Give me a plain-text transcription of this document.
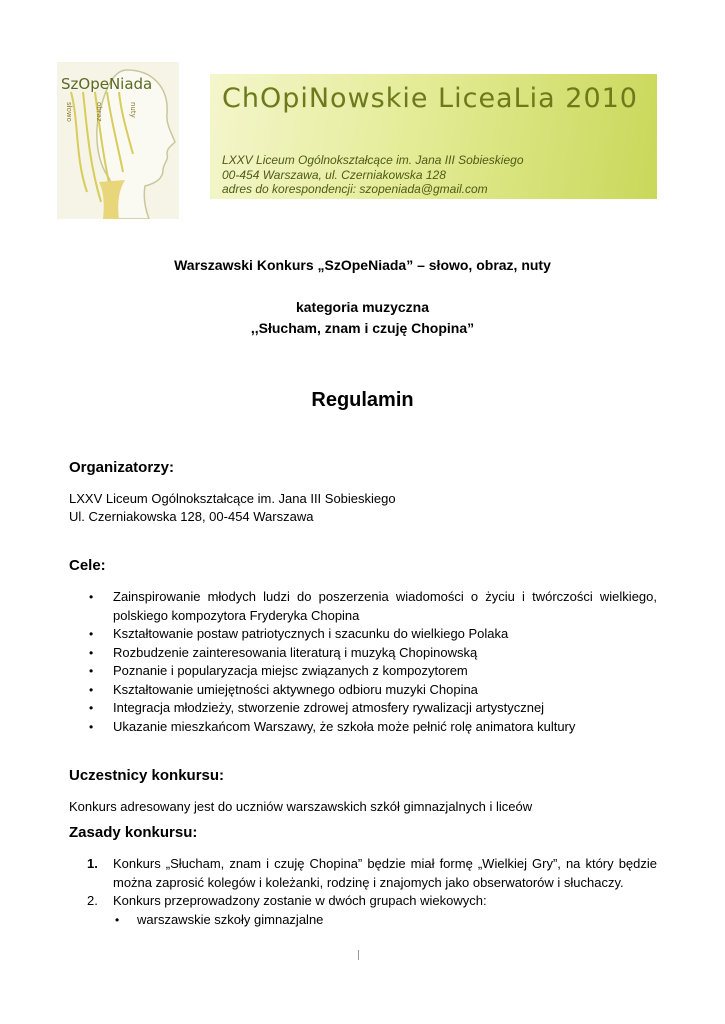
SzOpeNiada
słowo	obraz	nuty	ChOpiNowskie LiceaLia 2010
LXXV Liceum Ogólnokształcące im. Jana III Sobieskiego
00-454 Warszawa, ul. Czerniakowska 128
adres do korespondencji: szopeniada@gmail.com
Warszawski Konkurs „SzOpeNiada” – słowo, obraz, nuty
kategoria muzyczna
,,Słucham, znam i czuję Chopina”
Regulamin
Organizatorzy:
LXXV Liceum Ogólnokształcące im. Jana III Sobieskiego
Ul. Czerniakowska 128, 00-454 Warszawa
Cele:
• Zainspirowanie młodych ludzi do poszerzenia wiadomości o życiu i twórczości wielkiego, polskiego kompozytora Fryderyka Chopina
• Kształtowanie postaw patriotycznych i szacunku do wielkiego Polaka
• Rozbudzenie zainteresowania literaturą i muzyką Chopinowską
• Poznanie i popularyzacja miejsc związanych z kompozytorem
• Kształtowanie umiejętności aktywnego odbioru muzyki Chopina
• Integracja młodzieży, stworzenie zdrowej atmosfery rywalizacji artystycznej
• Ukazanie mieszkańcom Warszawy, że szkoła może pełnić rolę animatora kultury
Uczestnicy konkursu:
Konkurs adresowany jest do uczniów warszawskich szkół gimnazjalnych i liceów
Zasady konkursu:
1. Konkurs „Słucham, znam i czuję Chopina” będzie miał formę „Wielkiej Gry”, na który będzie można zaprosić kolegów i koleżanki, rodzinę i znajomych jako obserwatorów i słuchaczy.
2. Konkurs przeprowadzony zostanie w dwóch grupach wiekowych:
• warszawskie szkoły gimnazjalne
